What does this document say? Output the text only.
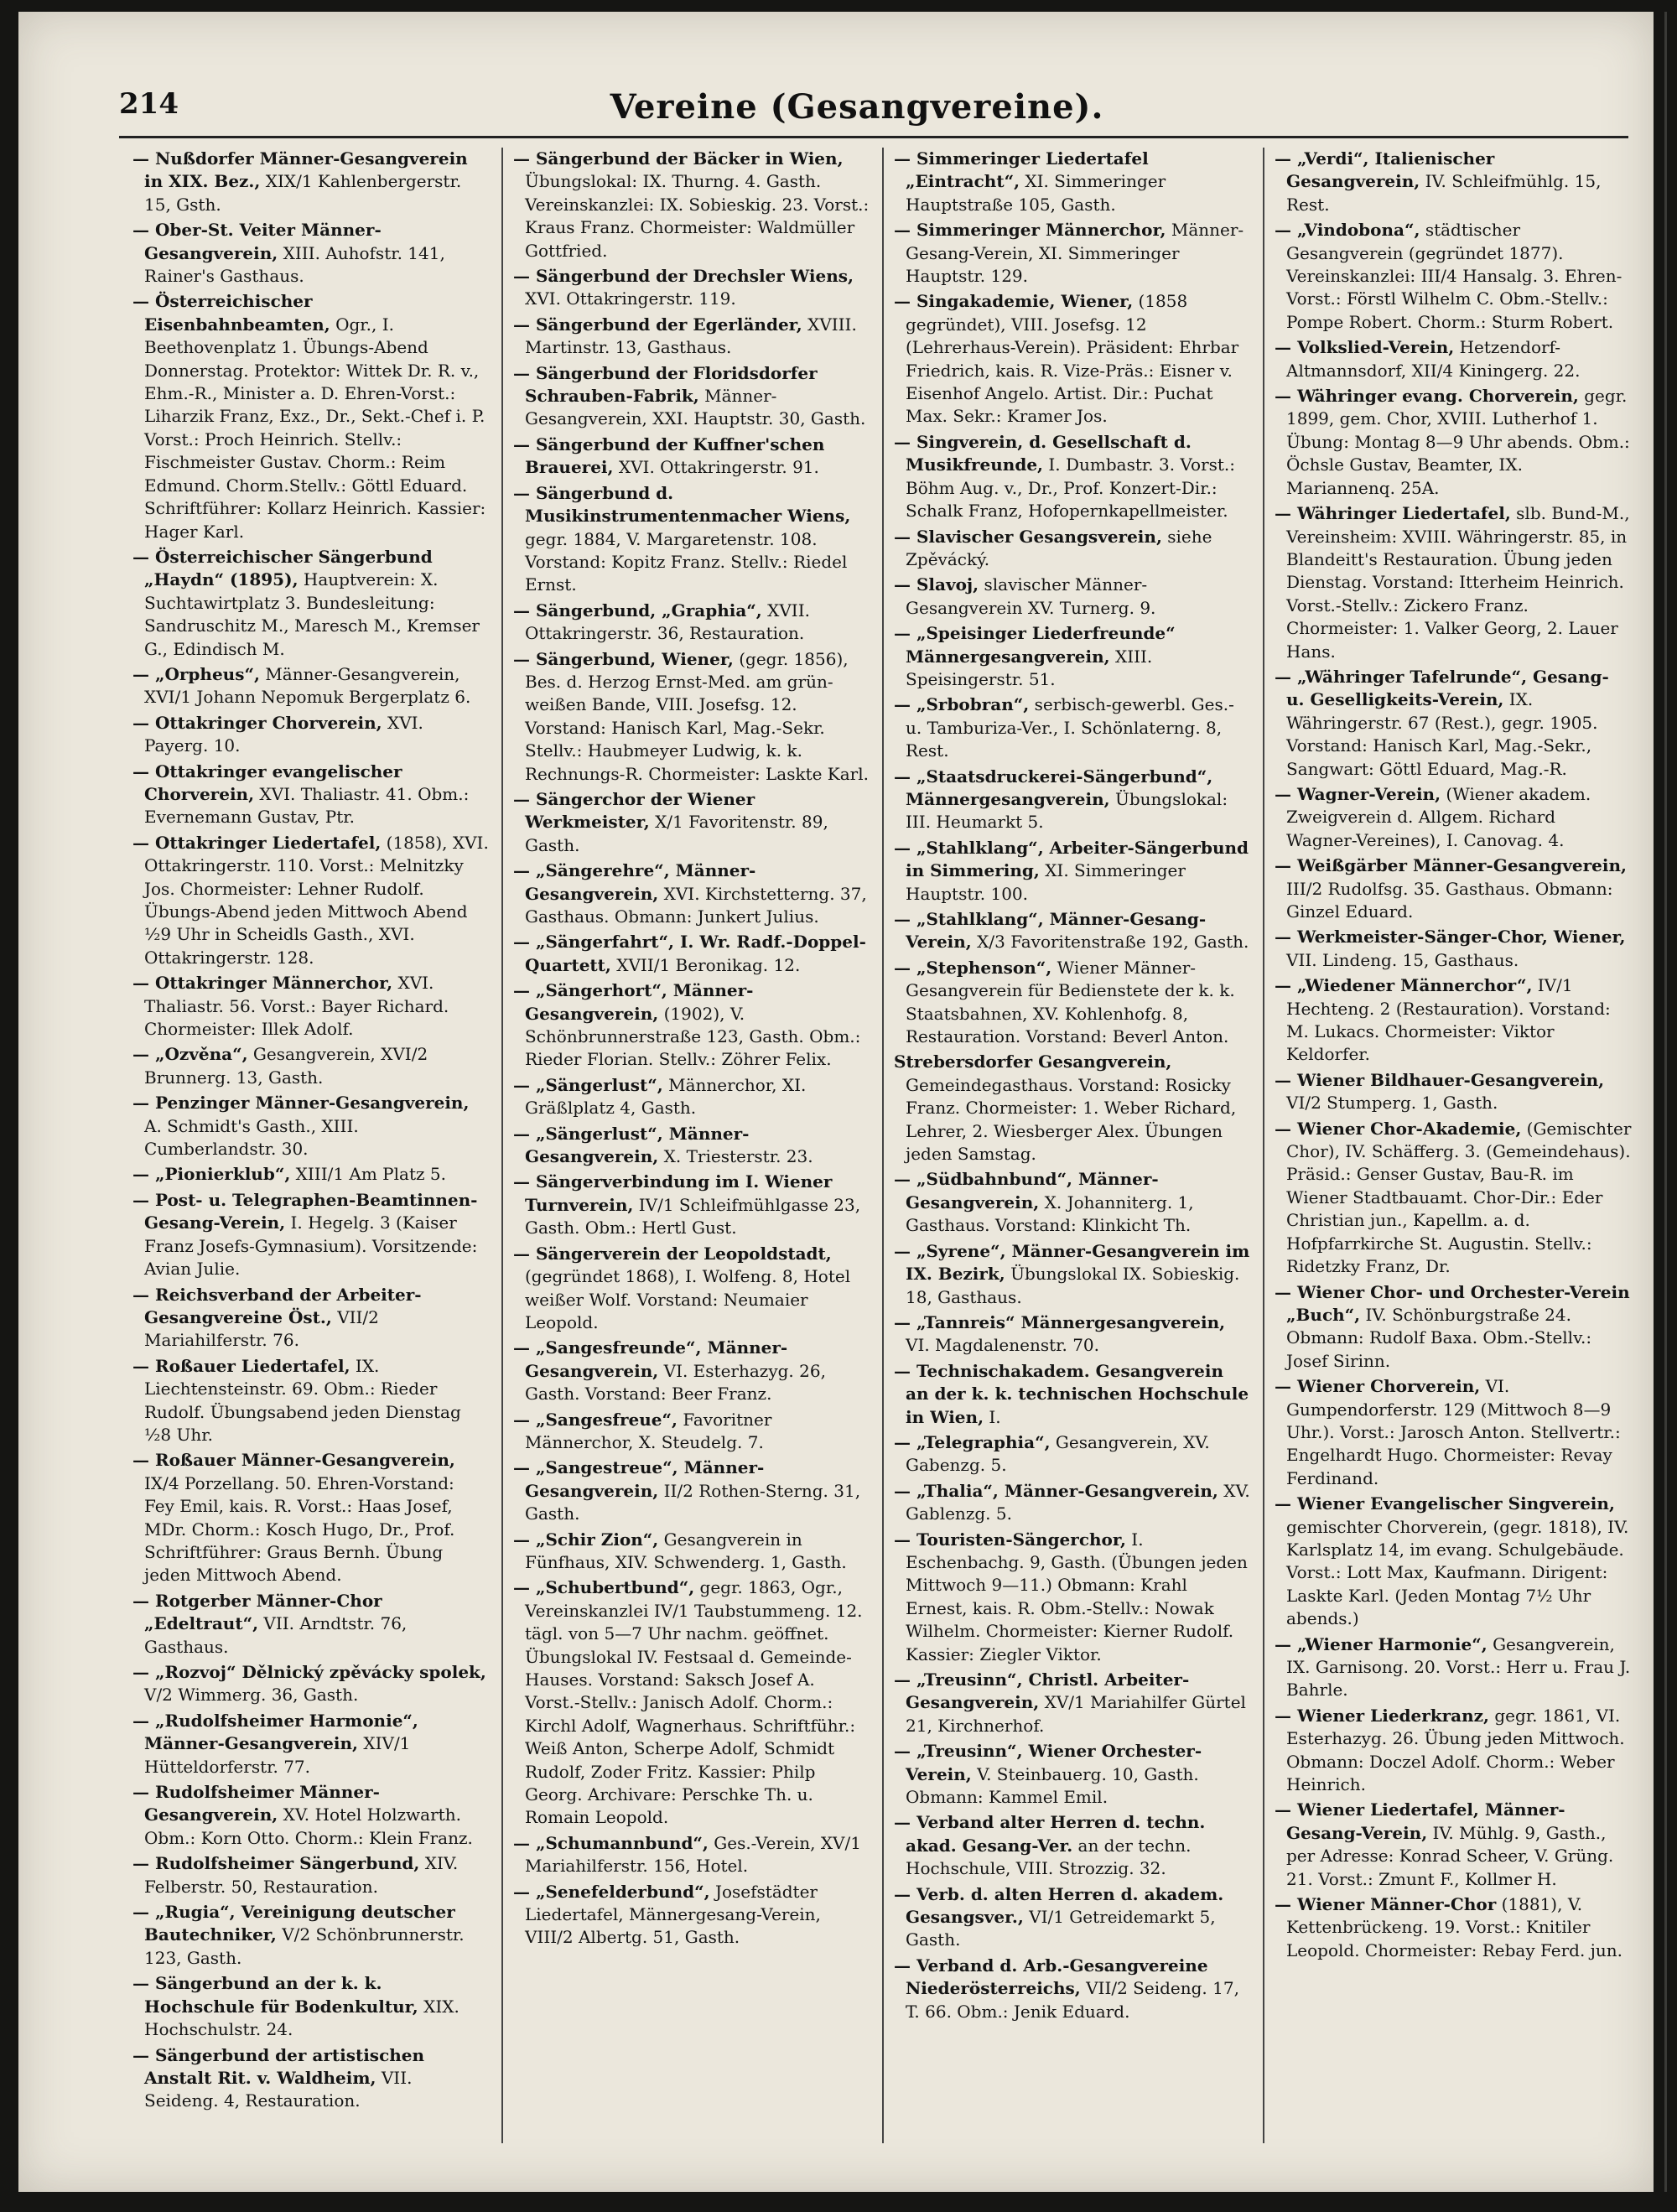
214	Vereine (Gesangvereine).

— Nußdorfer Männer-Gesangverein in XIX. Bez., XIX/1 Kahlenbergerstr. 15, Gsth.

— Ober-St. Veiter Männer-Gesangverein, XIII. Auhofstr. 141, Rainer's Gasthaus.

— Österreichischer Eisenbahnbeamten, Ogr., I. Beethovenplatz 1. Übungs-Abend Donnerstag. Protektor: Wittek Dr. R. v., Ehm.-R., Minister a. D. Ehren-Vorst.: Liharzik Franz, Exz., Dr., Sekt.-Chef i. P. Vorst.: Proch Heinrich. Stellv.: Fischmeister Gustav. Chorm.: Reim Edmund. Chorm.Stellv.: Göttl Eduard. Schriftführer: Kollarz Heinrich. Kassier: Hager Karl.

— Österreichischer Sängerbund „Haydn“ (1895), Hauptverein: X. Suchtawirtplatz 3. Bundesleitung: Sandruschitz M., Maresch M., Kremser G., Edindisch M.

— „Orpheus“, Männer-Gesangverein, XVI/1 Johann Nepomuk Bergerplatz 6.

— Ottakringer Chorverein, XVI. Payerg. 10.

— Ottakringer evangelischer Chorverein, XVI. Thaliastr. 41. Obm.: Evernemann Gustav, Ptr.

— Ottakringer Liedertafel, (1858), XVI. Ottakringerstr. 110. Vorst.: Melnitzky Jos. Chormeister: Lehner Rudolf. Übungs-Abend jeden Mittwoch Abend ½9 Uhr in Scheidls Gasth., XVI. Ottakringerstr. 128.

— Ottakringer Männerchor, XVI. Thaliastr. 56. Vorst.: Bayer Richard. Chormeister: Illek Adolf.

— „Ozvěna“, Gesangverein, XVI/2 Brunnerg. 13, Gasth.

— Penzinger Männer-Gesangverein, A. Schmidt's Gasth., XIII. Cumberlandstr. 30.

— „Pionierklub“, XIII/1 Am Platz 5.

— Post- u. Telegraphen-Beamtinnen-Gesang-Verein, I. Hegelg. 3 (Kaiser Franz Josefs-Gymnasium). Vorsitzende: Avian Julie.

— Reichsverband der Arbeiter-Gesangvereine Öst., VII/2 Mariahilferstr. 76.

— Roßauer Liedertafel, IX. Liechtensteinstr. 69. Obm.: Rieder Rudolf. Übungsabend jeden Dienstag ½8 Uhr.

— Roßauer Männer-Gesangverein, IX/4 Porzellang. 50. Ehren-Vorstand: Fey Emil, kais. R. Vorst.: Haas Josef, MDr. Chorm.: Kosch Hugo, Dr., Prof. Schriftführer: Graus Bernh. Übung jeden Mittwoch Abend.

— Rotgerber Männer-Chor „Edeltraut“, VII. Arndtstr. 76, Gasthaus.

— „Rozvoj“ Dělnický zpěvácky spolek, V/2 Wimmerg. 36, Gasth.

— „Rudolfsheimer Harmonie“, Männer-Gesangverein, XIV/1 Hütteldorferstr. 77.

— Rudolfsheimer Männer-Gesangverein, XV. Hotel Holzwarth. Obm.: Korn Otto. Chorm.: Klein Franz.

— Rudolfsheimer Sängerbund, XIV. Felberstr. 50, Restauration.

— „Rugia“, Vereinigung deutscher Bautechniker, V/2 Schönbrunnerstr. 123, Gasth.

— Sängerbund an der k. k. Hochschule für Bodenkultur, XIX. Hochschulstr. 24.

— Sängerbund der artistischen Anstalt Rit. v. Waldheim, VII. Seideng. 4, Restauration.

— Sängerbund der Bäcker in Wien, Übungslokal: IX. Thurng. 4. Gasth. Vereinskanzlei: IX. Sobieskig. 23. Vorst.: Kraus Franz. Chormeister: Waldmüller Gottfried.

— Sängerbund der Drechsler Wiens, XVI. Ottakringerstr. 119.

— Sängerbund der Egerländer, XVIII. Martinstr. 13, Gasthaus.

— Sängerbund der Floridsdorfer Schrauben-Fabrik, Männer-Gesangverein, XXI. Hauptstr. 30, Gasth.

— Sängerbund der Kuffner'schen Brauerei, XVI. Ottakringerstr. 91.

— Sängerbund d. Musikinstrumentenmacher Wiens, gegr. 1884, V. Margaretenstr. 108. Vorstand: Kopitz Franz. Stellv.: Riedel Ernst.

— Sängerbund, „Graphia“, XVII. Ottakringerstr. 36, Restauration.

— Sängerbund, Wiener, (gegr. 1856), Bes. d. Herzog Ernst-Med. am grün-weißen Bande, VIII. Josefsg. 12. Vorstand: Hanisch Karl, Mag.-Sekr. Stellv.: Haubmeyer Ludwig, k. k. Rechnungs-R. Chormeister: Laskte Karl.

— Sängerchor der Wiener Werkmeister, X/1 Favoritenstr. 89, Gasth.

— „Sängerehre“, Männer-Gesangverein, XVI. Kirchstetterng. 37, Gasthaus. Obmann: Junkert Julius.

— „Sängerfahrt“, I. Wr. Radf.-Doppel-Quartett, XVII/1 Beronikag. 12.

— „Sängerhort“, Männer-Gesangverein, (1902), V. Schönbrunnerstraße 123, Gasth. Obm.: Rieder Florian. Stellv.: Zöhrer Felix.

— „Sängerlust“, Männerchor, XI. Gräßlplatz 4, Gasth.

— „Sängerlust“, Männer-Gesangverein, X. Triesterstr. 23.

— Sängerverbindung im I. Wiener Turnverein, IV/1 Schleifmühlgasse 23, Gasth. Obm.: Hertl Gust.

— Sängerverein der Leopoldstadt, (gegründet 1868), I. Wolfeng. 8, Hotel weißer Wolf. Vorstand: Neumaier Leopold.

— „Sangesfreunde“, Männer-Gesangverein, VI. Esterhazyg. 26, Gasth. Vorstand: Beer Franz.

— „Sangesfreue“, Favoritner Männerchor, X. Steudelg. 7.

— „Sangestreue“, Männer-Gesangverein, II/2 Rothen-Sterng. 31, Gasth.

— „Schir Zion“, Gesangverein in Fünfhaus, XIV. Schwenderg. 1, Gasth.

— „Schubertbund“, gegr. 1863, Ogr., Vereinskanzlei IV/1 Taubstummeng. 12. tägl. von 5—7 Uhr nachm. geöffnet. Übungslokal IV. Festsaal d. Gemeinde-Hauses. Vorstand: Saksch Josef A. Vorst.-Stellv.: Janisch Adolf. Chorm.: Kirchl Adolf, Wagnerhaus. Schriftführ.: Weiß Anton, Scherpe Adolf, Schmidt Rudolf, Zoder Fritz. Kassier: Philp Georg. Archivare: Perschke Th. u. Romain Leopold.

— „Schumannbund“, Ges.-Verein, XV/1 Mariahilferstr. 156, Hotel.

— „Senefelderbund“, Josefstädter Liedertafel, Männergesang-Verein, VIII/2 Albertg. 51, Gasth.

— Simmeringer Liedertafel „Eintracht“, XI. Simmeringer Hauptstraße 105, Gasth.

— Simmeringer Männerchor, Männer-Gesang-Verein, XI. Simmeringer Hauptstr. 129.

— Singakademie, Wiener, (1858 gegründet), VIII. Josefsg. 12 (Lehrerhaus-Verein). Präsident: Ehrbar Friedrich, kais. R. Vize-Präs.: Eisner v. Eisenhof Angelo. Artist. Dir.: Puchat Max. Sekr.: Kramer Jos.

— Singverein, d. Gesellschaft d. Musikfreunde, I. Dumbastr. 3. Vorst.: Böhm Aug. v., Dr., Prof. Konzert-Dir.: Schalk Franz, Hofopernkapellmeister.

— Slavischer Gesangsverein, siehe Zpěvácký.

— Slavoj, slavischer Männer-Gesangverein XV. Turnerg. 9.

— „Speisinger Liederfreunde“ Männergesangverein, XIII. Speisingerstr. 51.

— „Srbobran“, serbisch-gewerbl. Ges.- u. Tamburiza-Ver., I. Schönlaterng. 8, Rest.

— „Staatsdruckerei-Sängerbund“, Männergesangverein, Übungslokal: III. Heumarkt 5.

— „Stahlklang“, Arbeiter-Sängerbund in Simmering, XI. Simmeringer Hauptstr. 100.

— „Stahlklang“, Männer-Gesang-Verein, X/3 Favoritenstraße 192, Gasth.

— „Stephenson“, Wiener Männer-Gesangverein für Bedienstete der k. k. Staatsbahnen, XV. Kohlenhofg. 8, Restauration. Vorstand: Beverl Anton.

Strebersdorfer Gesangverein, Gemeindegasthaus. Vorstand: Rosicky Franz. Chormeister: 1. Weber Richard, Lehrer, 2. Wiesberger Alex. Übungen jeden Samstag.

— „Südbahnbund“, Männer-Gesangverein, X. Johanniterg. 1, Gasthaus. Vorstand: Klinkicht Th.

— „Syrene“, Männer-Gesangverein im IX. Bezirk, Übungslokal IX. Sobieskig. 18, Gasthaus.

— „Tannreis“ Männergesangverein, VI. Magdalenenstr. 70.

— Technischakadem. Gesangverein an der k. k. technischen Hochschule in Wien, I.

— „Telegraphia“, Gesangverein, XV. Gabenzg. 5.

— „Thalia“, Männer-Gesangverein, XV. Gablenzg. 5.

— Touristen-Sängerchor, I. Eschenbachg. 9, Gasth. (Übungen jeden Mittwoch 9—11.) Obmann: Krahl Ernest, kais. R. Obm.-Stellv.: Nowak Wilhelm. Chormeister: Kierner Rudolf. Kassier: Ziegler Viktor.

— „Treusinn“, Christl. Arbeiter-Gesangverein, XV/1 Mariahilfer Gürtel 21, Kirchnerhof.

— „Treusinn“, Wiener Orchester-Verein, V. Steinbauerg. 10, Gasth. Obmann: Kammel Emil.

— Verband alter Herren d. techn. akad. Gesang-Ver. an der techn. Hochschule, VIII. Strozzig. 32.

— Verb. d. alten Herren d. akadem. Gesangsver., VI/1 Getreidemarkt 5, Gasth.

— Verband d. Arb.-Gesangvereine Niederösterreichs, VII/2 Seideng. 17, T. 66. Obm.: Jenik Eduard.

— „Verdi“, Italienischer Gesangverein, IV. Schleifmühlg. 15, Rest.

— „Vindobona“, städtischer Gesangverein (gegründet 1877). Vereinskanzlei: III/4 Hansalg. 3. Ehren-Vorst.: Förstl Wilhelm C. Obm.-Stellv.: Pompe Robert. Chorm.: Sturm Robert.

— Volkslied-Verein, Hetzendorf-Altmannsdorf, XII/4 Kiningerg. 22.

— Währinger evang. Chorverein, gegr. 1899, gem. Chor, XVIII. Lutherhof 1. Übung: Montag 8—9 Uhr abends. Obm.: Öchsle Gustav, Beamter, IX. Mariannenq. 25A.

— Währinger Liedertafel, slb. Bund-M., Vereinsheim: XVIII. Währingerstr. 85, in Blandeitt's Restauration. Übung jeden Dienstag. Vorstand: Itterheim Heinrich. Vorst.-Stellv.: Zickero Franz. Chormeister: 1. Valker Georg, 2. Lauer Hans.

— „Währinger Tafelrunde“, Gesang- u. Geselligkeits-Verein, IX. Währingerstr. 67 (Rest.), gegr. 1905. Vorstand: Hanisch Karl, Mag.-Sekr., Sangwart: Göttl Eduard, Mag.-R.

— Wagner-Verein, (Wiener akadem. Zweigverein d. Allgem. Richard Wagner-Vereines), I. Canovag. 4.

— Weißgärber Männer-Gesangverein, III/2 Rudolfsg. 35. Gasthaus. Obmann: Ginzel Eduard.

— Werkmeister-Sänger-Chor, Wiener, VII. Lindeng. 15, Gasthaus.

— „Wiedener Männerchor“, IV/1 Hechteng. 2 (Restauration). Vorstand: M. Lukacs. Chormeister: Viktor Keldorfer.

— Wiener Bildhauer-Gesangverein, VI/2 Stumperg. 1, Gasth.

— Wiener Chor-Akademie, (Gemischter Chor), IV. Schäfferg. 3. (Gemeindehaus). Präsid.: Genser Gustav, Bau-R. im Wiener Stadtbauamt. Chor-Dir.: Eder Christian jun., Kapellm. a. d. Hofpfarrkirche St. Augustin. Stellv.: Ridetzky Franz, Dr.

— Wiener Chor- und Orchester-Verein „Buch“, IV. Schönburgstraße 24. Obmann: Rudolf Baxa. Obm.-Stellv.: Josef Sirinn.

— Wiener Chorverein, VI. Gumpendorferstr. 129 (Mittwoch 8—9 Uhr.). Vorst.: Jarosch Anton. Stellvertr.: Engelhardt Hugo. Chormeister: Revay Ferdinand.

— Wiener Evangelischer Singverein, gemischter Chorverein, (gegr. 1818), IV. Karlsplatz 14, im evang. Schulgebäude. Vorst.: Lott Max, Kaufmann. Dirigent: Laskte Karl. (Jeden Montag 7½ Uhr abends.)

— „Wiener Harmonie“, Gesangverein, IX. Garnisong. 20. Vorst.: Herr u. Frau J. Bahrle.

— Wiener Liederkranz, gegr. 1861, VI. Esterhazyg. 26. Übung jeden Mittwoch. Obmann: Doczel Adolf. Chorm.: Weber Heinrich.

— Wiener Liedertafel, Männer-Gesang-Verein, IV. Mühlg. 9, Gasth., per Adresse: Konrad Scheer, V. Grüng. 21. Vorst.: Zmunt F., Kollmer H.

— Wiener Männer-Chor (1881), V. Kettenbrückeng. 19. Vorst.: Knitiler Leopold. Chormeister: Rebay Ferd. jun.
